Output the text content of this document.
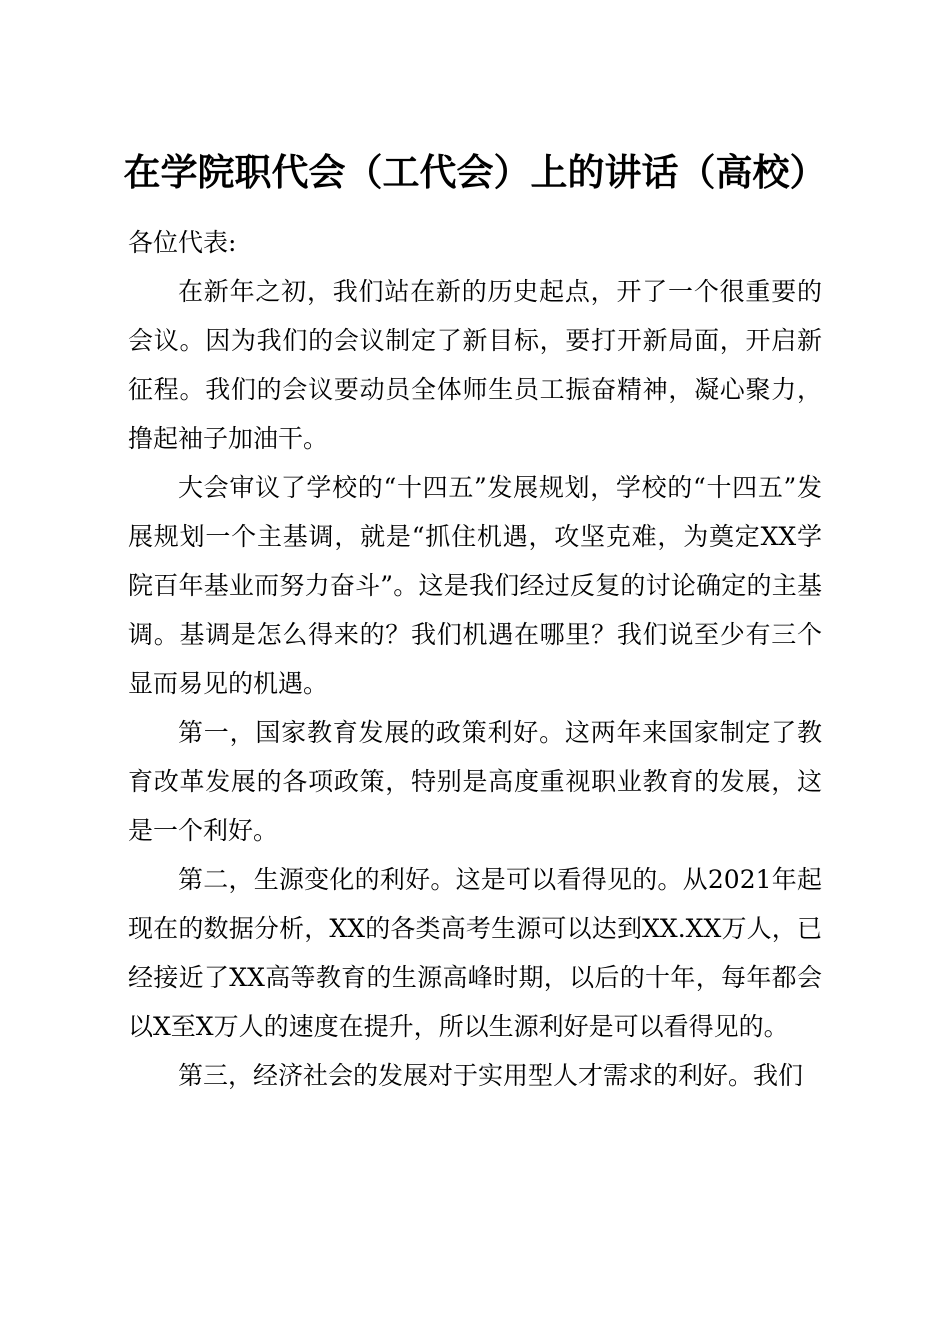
在学院职代会（工代会）上的讲话（高校）
各位代表:

在新年之初，我们站在新的历史起点，开了一个很重要的会议。因为我们的会议制定了新目标，要打开新局面，开启新征程。我们的会议要动员全体师生员工振奋精神，凝心聚力，撸起袖子加油干。

大会审议了学校的“十四五”发展规划，学校的“十四五”发展规划一个主基调，就是“抓住机遇，攻坚克难，为奠定XX学院百年基业而努力奋斗”。这是我们经过反复的讨论确定的主基调。基调是怎么得来的？我们机遇在哪里？我们说至少有三个显而易见的机遇。

第一，国家教育发展的政策利好。这两年来国家制定了教育改革发展的各项政策，特别是高度重视职业教育的发展，这是一个利好。

第二，生源变化的利好。这是可以看得见的。从2021年起现在的数据分析，XX的各类高考生源可以达到XX.XX万人，已经接近了XX高等教育的生源高峰时期，以后的十年，每年都会以X至X万人的速度在提升，所以生源利好是可以看得见的。

第三，经济社会的发展对于实用型人才需求的利好。我们
